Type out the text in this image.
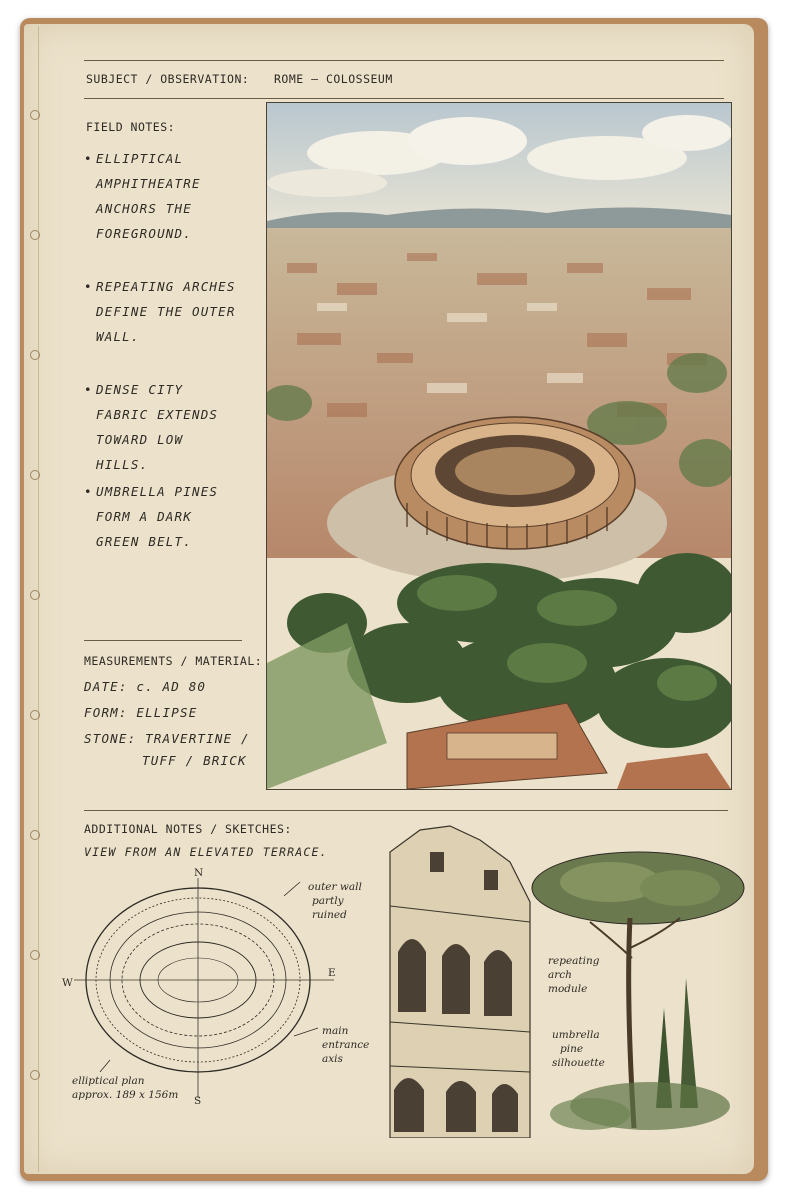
SUBJECT / OBSERVATION: ROME — COLOSSEUM
FIELD NOTES:
• ELLIPTICAL AMPHITHEATRE ANCHORS THE FOREGROUND.
• REPEATING ARCHES DEFINE THE OUTER WALL.
• DENSE CITY FABRIC EXTENDS TOWARD LOW HILLS.
• UMBRELLA PINES FORM A DARK GREEN BELT.
MEASUREMENTS / MATERIAL:
DATE: c. AD 80
FORM: ELLIPSE
STONE: TRAVERTINE /
TUFF / BRICK
ADDITIONAL NOTES / SKETCHES:
VIEW FROM AN ELEVATED TERRACE.
N
S
E
W
outer wall
partly
ruined
main
entrance
axis
elliptical plan
approx. 189 x 156m
repeating
arch
module
umbrella
pine
silhouette
